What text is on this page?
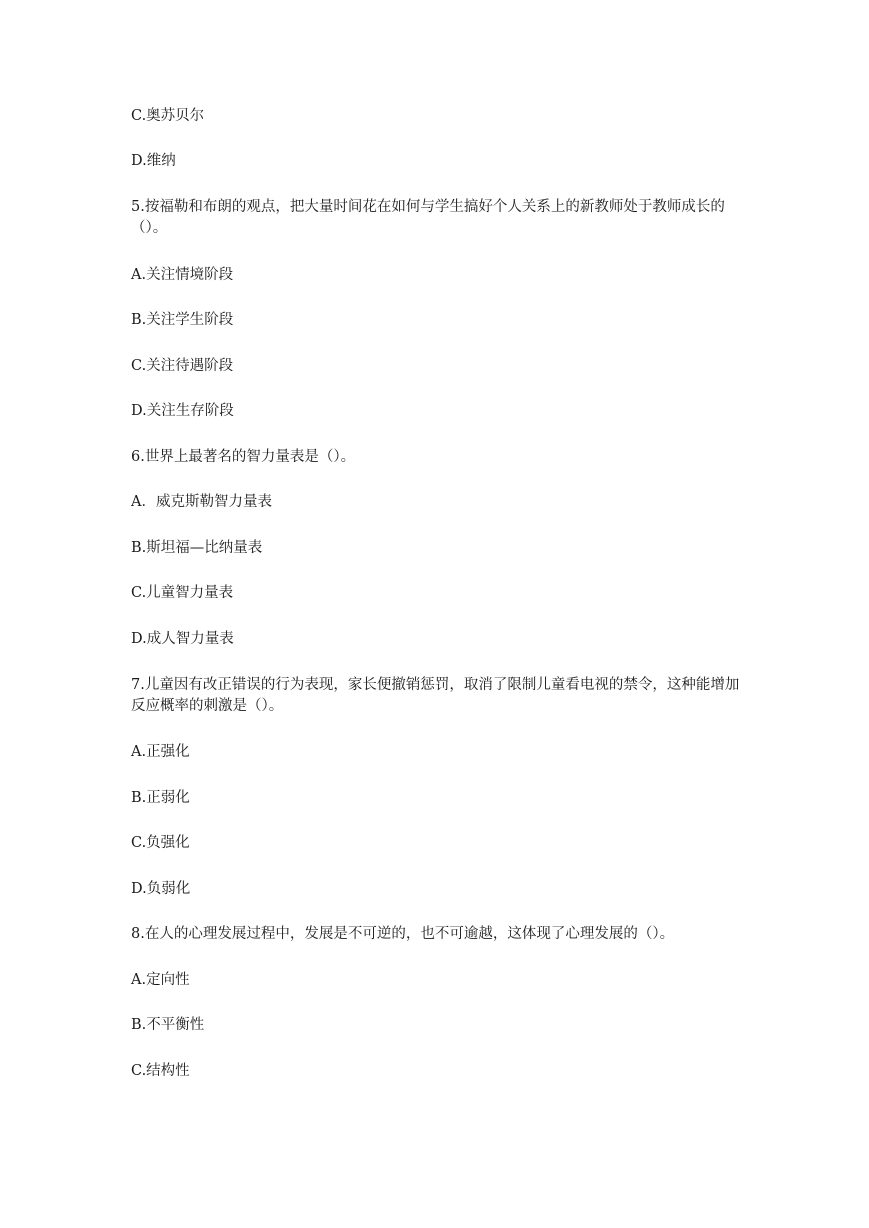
C.奥苏贝尔
D.维纳
5.按福勒和布朗的观点，把大量时间花在如何与学生搞好个人关系上的新教师处于教师成长的（）。
A.关注情境阶段
B.关注学生阶段
C.关注待遇阶段
D.关注生存阶段
6.世界上最著名的智力量表是（）。
A．威克斯勒智力量表
B.斯坦福—比纳量表
C.儿童智力量表
D.成人智力量表
7.儿童因有改正错误的行为表现，家长便撤销惩罚，取消了限制儿童看电视的禁令，这种能增加反应概率的刺激是（）。
A.正强化
B.正弱化
C.负强化
D.负弱化
8.在人的心理发展过程中，发展是不可逆的，也不可逾越，这体现了心理发展的（）。
A.定向性
B.不平衡性
C.结构性
